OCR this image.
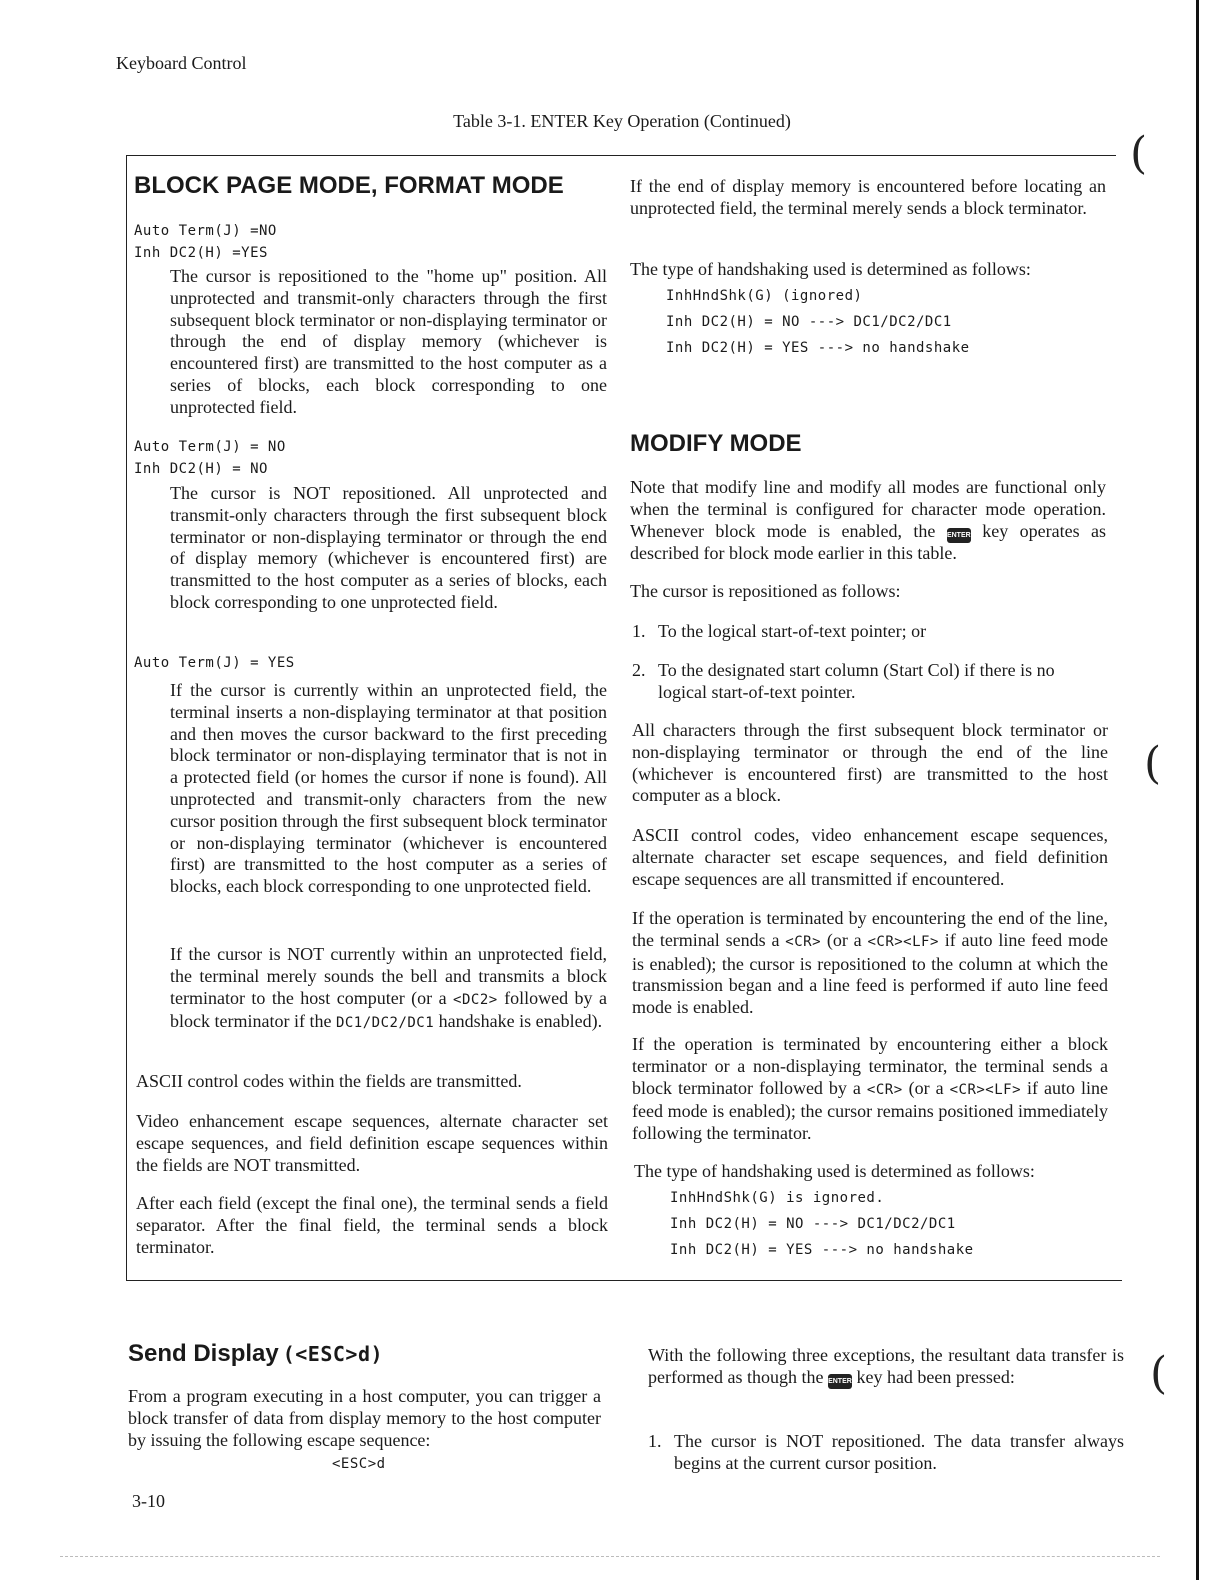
Keyboard Control
Table 3-1. ENTER Key Operation (Continued)
(
(
(
BLOCK PAGE MODE, FORMAT MODE
Auto Term(J) =NO
Inh DC2(H) =YES

The cursor is repositioned to the "home up" position. All unprotected and transmit-only characters through the first subsequent block terminator or non-displaying terminator or through the end of display memory (whichever is encountered first) are transmitted to the host computer as a series of blocks, each block corresponding to one unprotected field.

Auto Term(J) = NO
Inh DC2(H) = NO

The cursor is NOT repositioned. All unprotected and transmit-only characters through the first subsequent block terminator or non-displaying terminator or through the end of display memory (whichever is encountered first) are transmitted to the host computer as a series of blocks, each block corresponding to one unprotected field.

Auto Term(J) = YES

If the cursor is currently within an unprotected field, the terminal inserts a non-displaying terminator at that position and then moves the cursor backward to the first preceding block terminator or non-displaying terminator that is not in a protected field (or homes the cursor if none is found). All unprotected and transmit-only characters from the new cursor position through the first subsequent block terminator or non-displaying terminator (whichever is encountered first) are transmitted to the host computer as a series of blocks, each block corresponding to one unprotected field.

If the cursor is NOT currently within an unprotected field, the terminal merely sounds the bell and transmits a block terminator to the host computer (or a <DC2> followed by a block terminator if the DC1/DC2/DC1 handshake is enabled).

ASCII control codes within the fields are transmitted.

Video enhancement escape sequences, alternate character set escape sequences, and field definition escape sequences within the fields are NOT transmitted.

After each field (except the final one), the terminal sends a field separator. After the final field, the terminal sends a block terminator.

If the end of display memory is encountered before locating an unprotected field, the terminal merely sends a block terminator.

The type of handshaking used is determined as follows:

InhHndShk(G) (ignored)
Inh DC2(H) = NO ---> DC1/DC2/DC1
Inh DC2(H) = YES ---> no handshake
MODIFY MODE

Note that modify line and modify all modes are functional only when the terminal is configured for character mode operation. Whenever block mode is enabled, the ENTER key operates as described for block mode earlier in this table.

The cursor is repositioned as follows:

1. To the logical start-of-text pointer; or
2. To the designated start column (Start Col) if there is no logical start-of-text pointer.

All characters through the first subsequent block terminator or non-displaying terminator or through the end of the line (whichever is encountered first) are transmitted to the host computer as a block.

ASCII control codes, video enhancement escape sequences, alternate character set escape sequences, and field definition escape sequences are all transmitted if encountered.

If the operation is terminated by encountering the end of the line, the terminal sends a <CR> (or a <CR><LF> if auto line feed mode is enabled); the cursor is repositioned to the column at which the transmission began and a line feed is performed if auto line feed mode is enabled.

If the operation is terminated by encountering either a block terminator or a non-displaying terminator, the terminal sends a block terminator followed by a <CR> (or a <CR><LF> if auto line feed mode is enabled); the cursor remains positioned immediately following the terminator.

The type of handshaking used is determined as follows:

InhHndShk(G) is ignored.
Inh DC2(H) = NO ---> DC1/DC2/DC1
Inh DC2(H) = YES ---> no handshake
Send Display (<ESC>d)

From a program executing in a host computer, you can trigger a block transfer of data from display memory to the host computer by issuing the following escape sequence:

<ESC>d

With the following three exceptions, the resultant data transfer is performed as though the ENTER key had been pressed:

1. The cursor is NOT repositioned. The data transfer always begins at the current cursor position.
3-10
